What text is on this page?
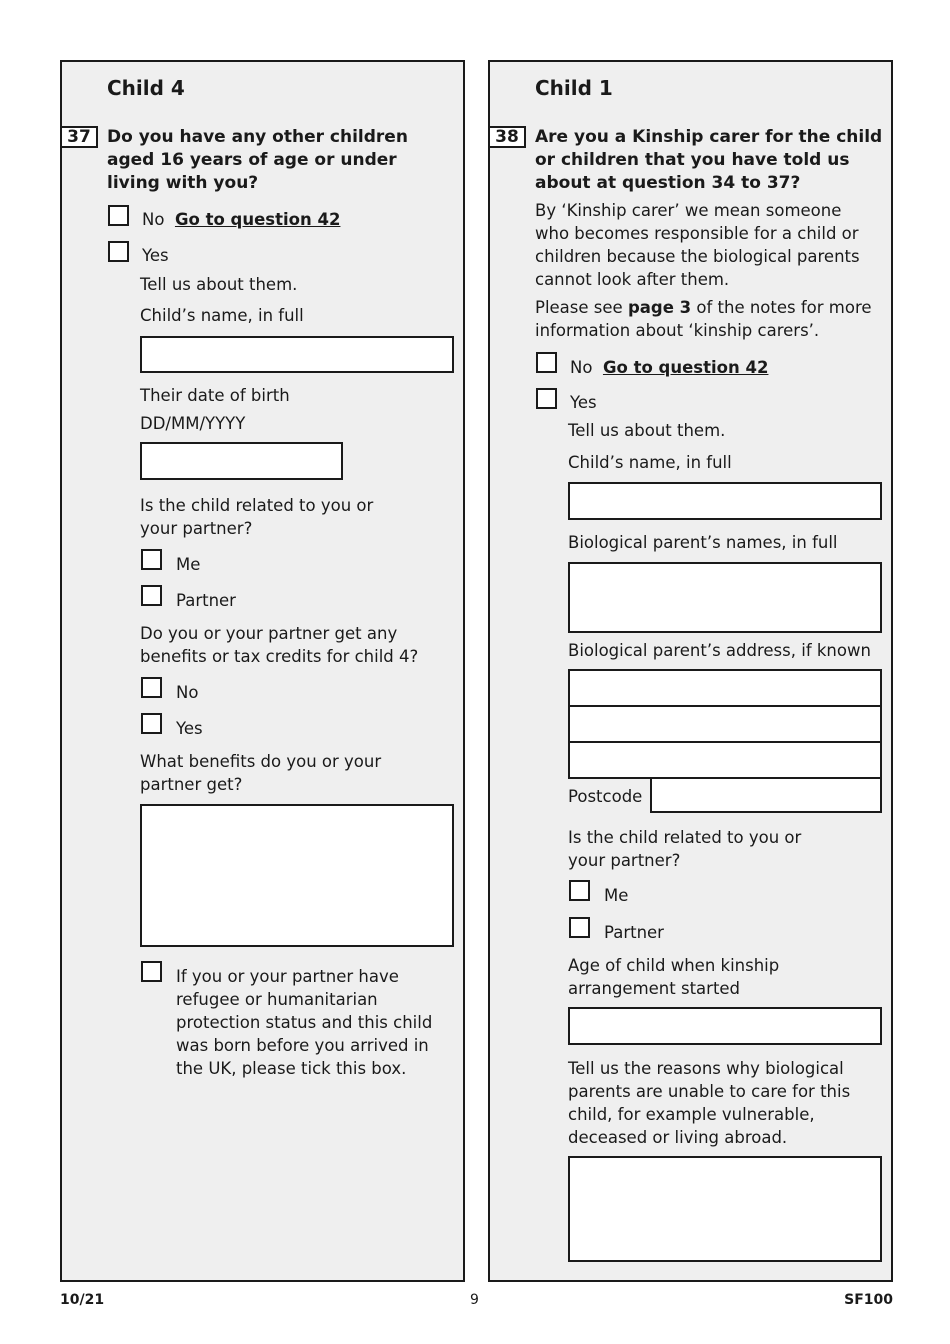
Child 4
37 Do you have any other children aged 16 years of age or under living with you?
No Go to question 42
Yes
Tell us about them.
Child’s name, in full
Their date of birth
DD/MM/YYYY
Is the child related to you or your partner?
Me
Partner
Do you or your partner get any benefits or tax credits for child 4?
No
Yes
What benefits do you or your partner get?
If you or your partner have refugee or humanitarian protection status and this child was born before you arrived in the UK, please tick this box.
Child 1
38 Are you a Kinship carer for the child or children that you have told us about at question 34 to 37?
By ‘Kinship carer’ we mean someone who becomes responsible for a child or children because the biological parents cannot look after them.
Please see page 3 of the notes for more information about ‘kinship carers’.
No Go to question 42
Yes
Tell us about them.
Child’s name, in full
Biological parent’s names, in full
Biological parent’s address, if known
Postcode
Is the child related to you or your partner?
Me
Partner
Age of child when kinship arrangement started
Tell us the reasons why biological parents are unable to care for this child, for example vulnerable, deceased or living abroad.
10/21	9	SF100
